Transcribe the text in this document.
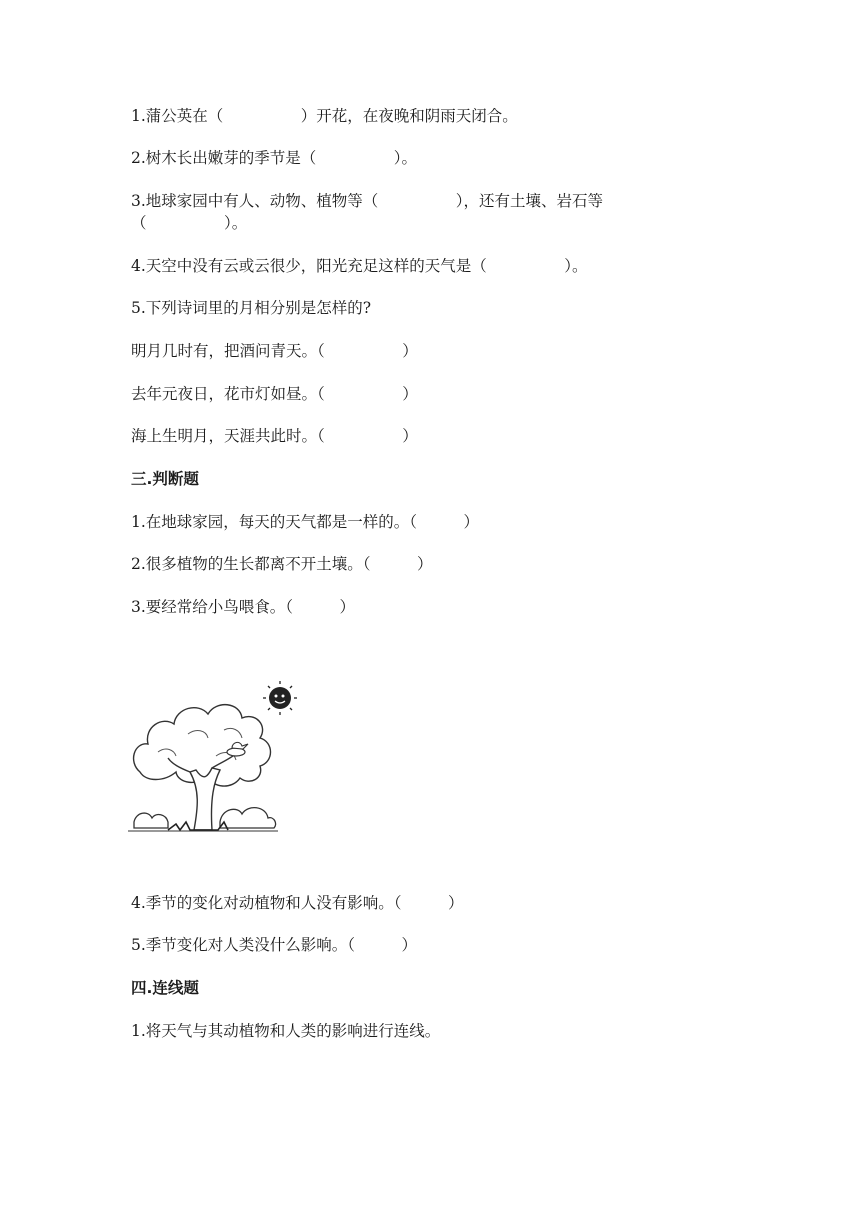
1.蒲公英在（　　　　　）开花，在夜晚和阴雨天闭合。

2.树木长出嫩芽的季节是（　　　　　）。

3.地球家园中有人、动物、植物等（　　　　　），还有土壤、岩石等

（　　　　　）。

4.天空中没有云或云很少，阳光充足这样的天气是（　　　　　）。

5.下列诗词里的月相分别是怎样的?

明月几时有，把酒问青天。（　　　　　）

去年元夜日，花市灯如昼。（　　　　　）

海上生明月，天涯共此时。（　　　　　）

三.判断题

1.在地球家园，每天的天气都是一样的。（　　　）

2.很多植物的生长都离不开土壤。（　　　）

3.要经常给小鸟喂食。（　　　）

4.季节的变化对动植物和人没有影响。（　　　）

5.季节变化对人类没什么影响。（　　　）

四.连线题

1.将天气与其动植物和人类的影响进行连线。
